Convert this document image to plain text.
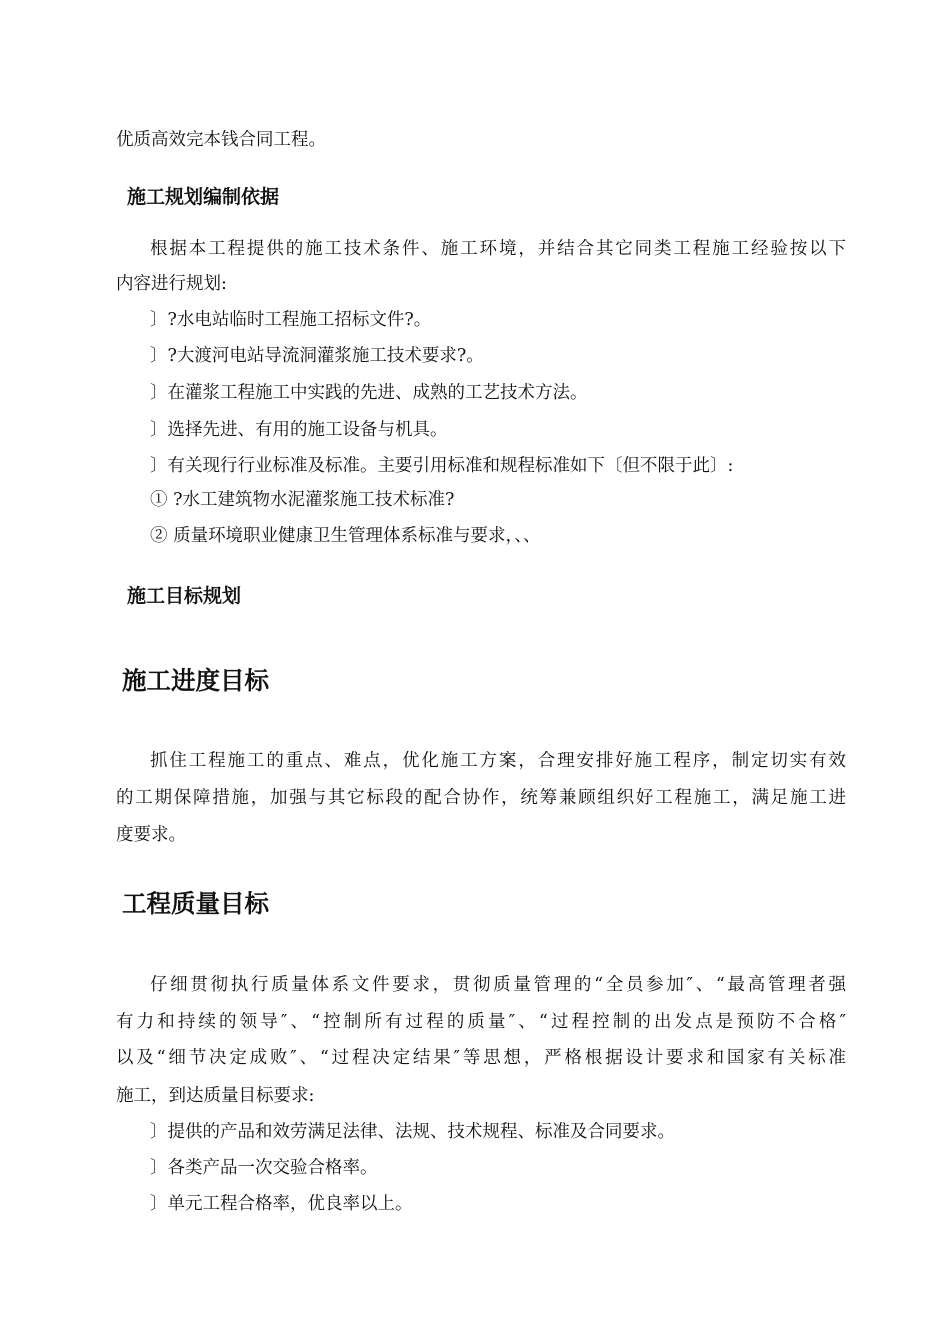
优质高效完本钱合同工程。
施工规划编制依据
根据本工程提供的施工技术条件、施工环境，并结合其它同类工程施工经验按以下
内容进行规划:
〕?水电站临时工程施工招标文件?。
〕?大渡河电站导流洞灌浆施工技术要求?。
〕在灌浆工程施工中实践的先进、成熟的工艺技术方法。
〕选择先进、有用的施工设备与机具。
〕有关现行行业标准及标准。主要引用标准和规程标准如下〔但不限于此〕:
① ?水工建筑物水泥灌浆施工技术标准?
② 质量环境职业健康卫生管理体系标准与要求，、、
施工目标规划
施工进度目标
抓住工程施工的重点、难点，优化施工方案，合理安排好施工程序，制定切实有效
的工期保障措施，加强与其它标段的配合协作，统筹兼顾组织好工程施工，满足施工进
度要求。
工程质量目标
仔细贯彻执行质量体系文件要求，贯彻质量管理的“全员参加″、“最高管理者强
有力和持续的领导″、“控制所有过程的质量″、“过程控制的出发点是预防不合格″
以及“细节决定成败″、“过程决定结果″等思想，严格根据设计要求和国家有关标准
施工，到达质量目标要求:
〕提供的产品和效劳满足法律、法规、技术规程、标准及合同要求。
〕各类产品一次交验合格率。
〕单元工程合格率，优良率以上。
